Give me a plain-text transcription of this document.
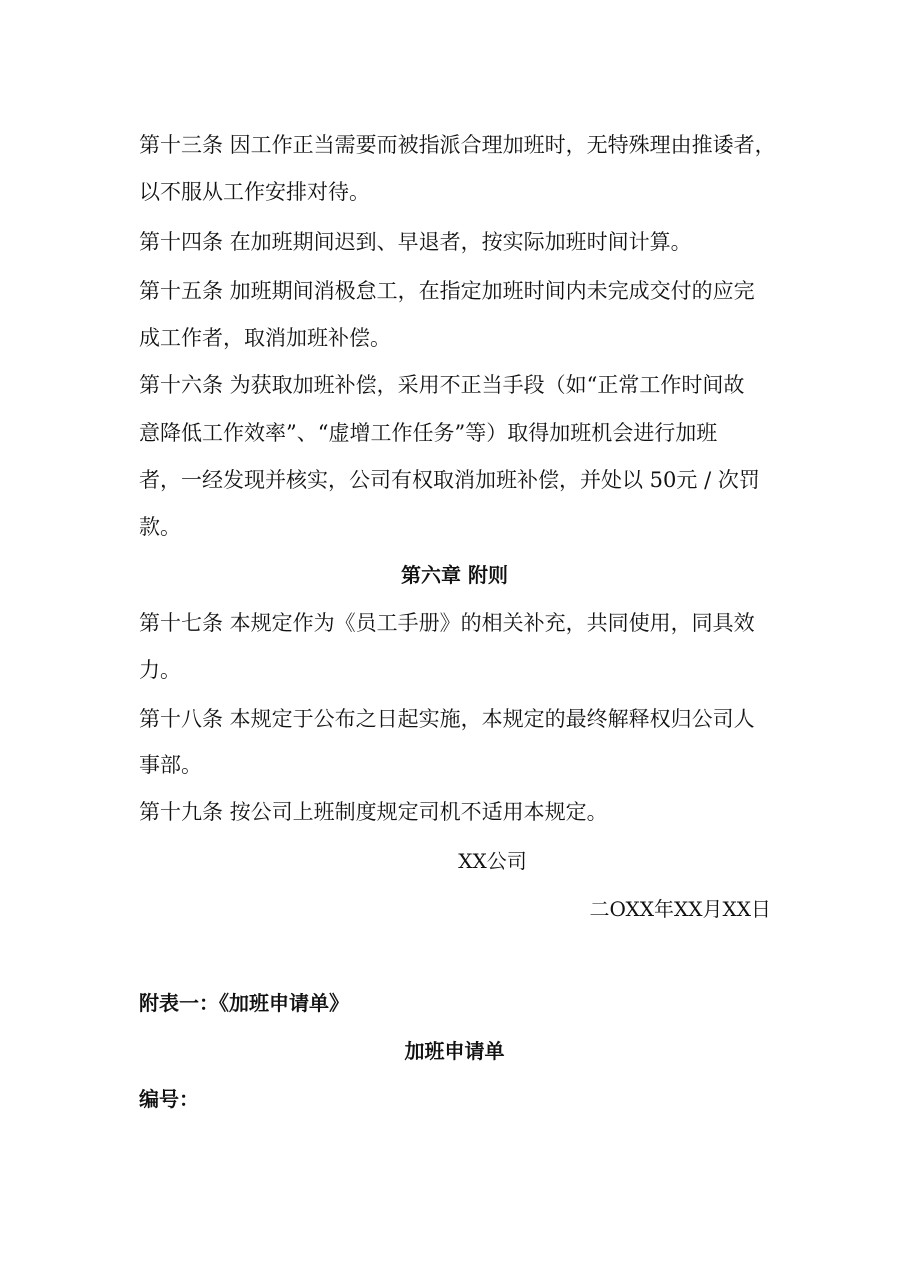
第十三条 因工作正当需要而被指派合理加班时，无特殊理由推诿者，
以不服从工作安排对待。
第十四条 在加班期间迟到、早退者，按实际加班时间计算。
第十五条 加班期间消极怠工，在指定加班时间内未完成交付的应完
成工作者，取消加班补偿。
第十六条 为获取加班补偿，采用不正当手段（如“正常工作时间故
意降低工作效率”、“虚增工作任务”等）取得加班机会进行加班
者，一经发现并核实，公司有权取消加班补偿，并处以 50元 / 次罚
款。
第六章 附则
第十七条 本规定作为《员工手册》的相关补充，共同使用，同具效
力。
第十八条 本规定于公布之日起实施，本规定的最终解释权归公司人
事部。
第十九条 按公司上班制度规定司机不适用本规定。
XX公司
二OXX年XX月XX日
附表一：《加班申请单》
加班申请单
编号：
